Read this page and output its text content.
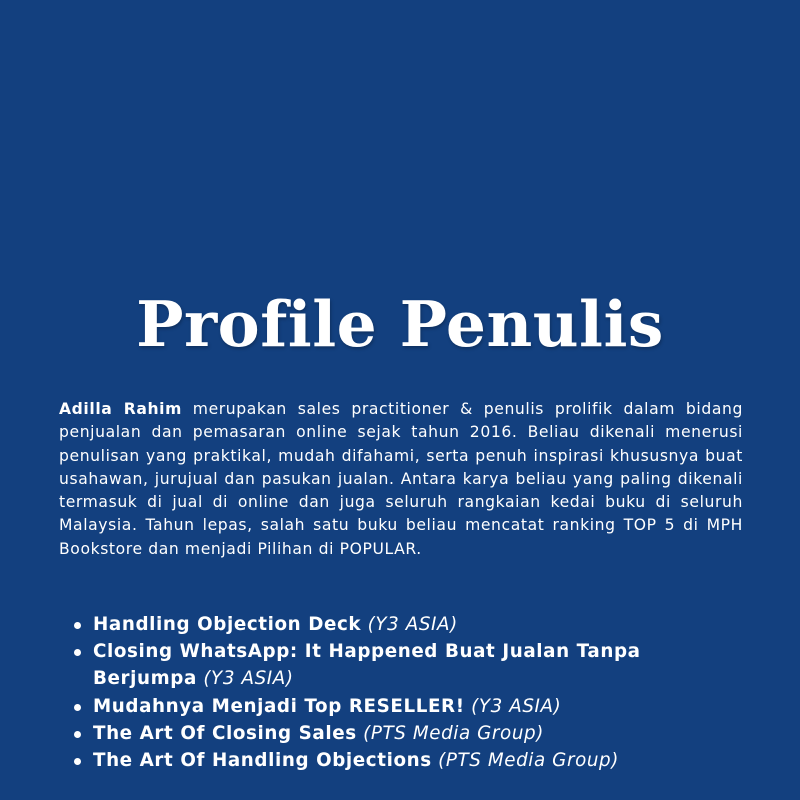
Profile Penulis

Adilla Rahim merupakan sales practitioner & penulis prolifik dalam bidang penjualan dan pemasaran online sejak tahun 2016. Beliau dikenali menerusi penulisan yang praktikal, mudah difahami, serta penuh inspirasi khususnya buat usahawan, jurujual dan pasukan jualan. Antara karya beliau yang paling dikenali termasuk di jual di online dan juga seluruh rangkaian kedai buku di seluruh Malaysia. Tahun lepas, salah satu buku beliau mencatat ranking TOP 5 di MPH Bookstore dan menjadi Pilihan di POPULAR.

Handling Objection Deck (Y3 ASIA)
Closing WhatsApp: It Happened Buat Jualan Tanpa Berjumpa (Y3 ASIA)
Mudahnya Menjadi Top RESELLER! (Y3 ASIA)
The Art Of Closing Sales (PTS Media Group)
The Art Of Handling Objections (PTS Media Group)
